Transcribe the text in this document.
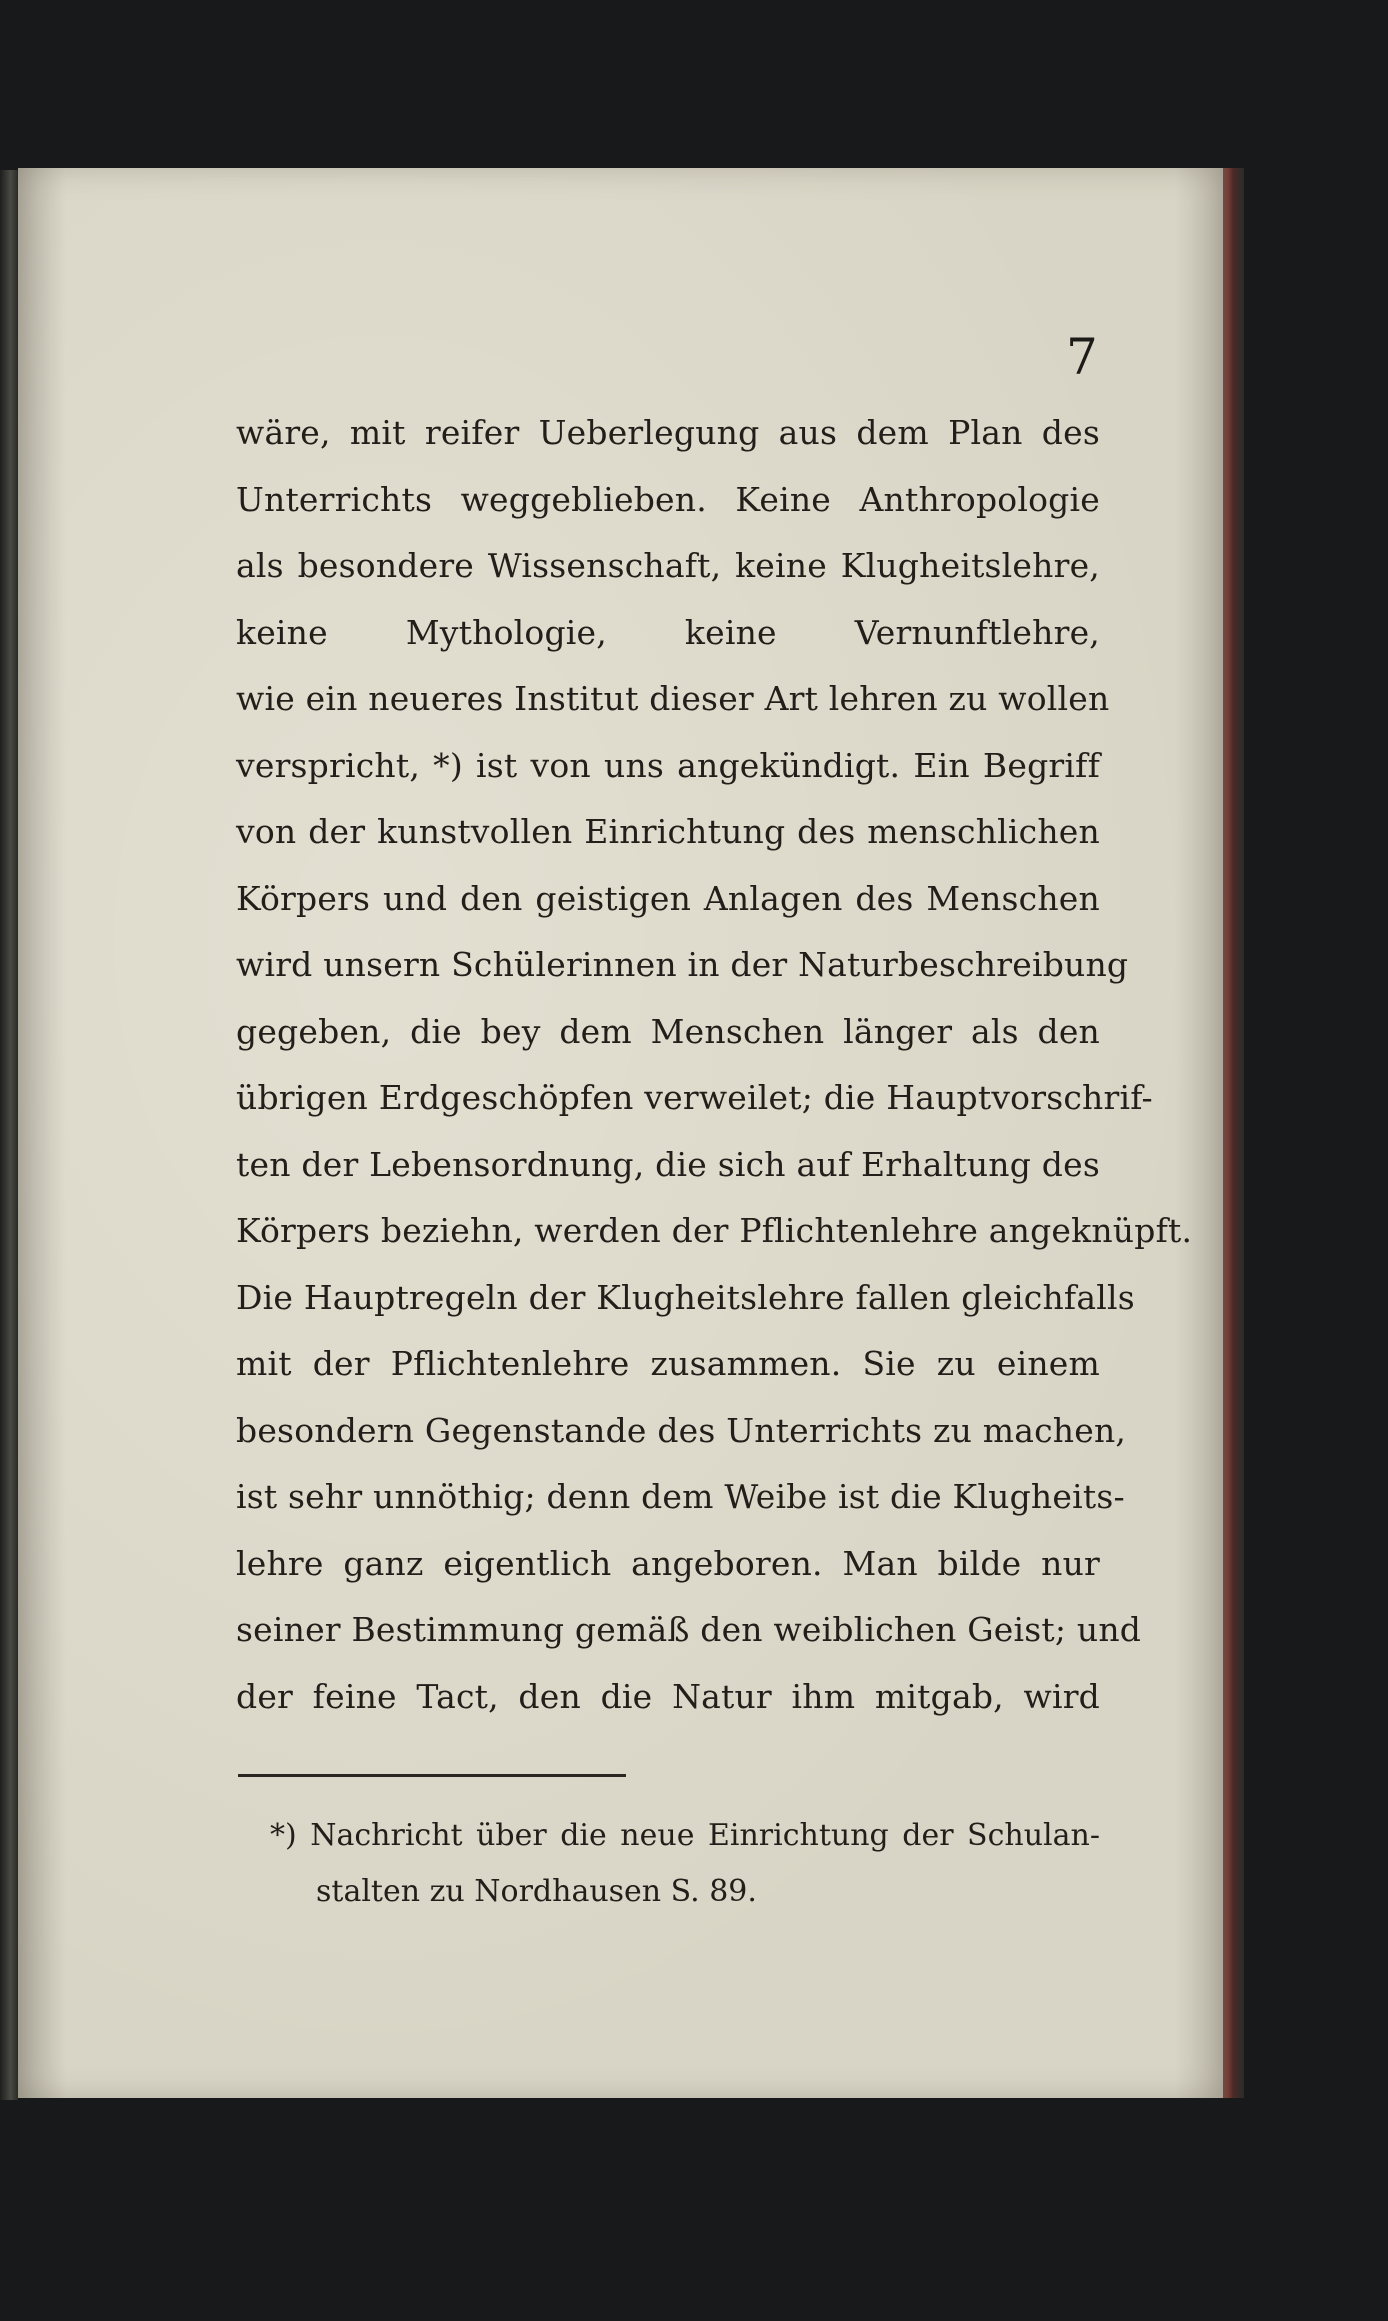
7
wäre, mit reifer Ueberlegung aus dem Plan des
Unterrichts weggeblieben. Keine Anthropologie
als besondere Wissenschaft, keine Klugheitslehre,
keine Mythologie, keine Vernunftlehre,
wie ein neueres Institut dieser Art lehren zu wollen
verspricht, *) ist von uns angekündigt. Ein Begriff
von der kunstvollen Einrichtung des menschlichen
Körpers und den geistigen Anlagen des Menschen
wird unsern Schülerinnen in der Naturbeschreibung
gegeben, die bey dem Menschen länger als den
übrigen Erdgeschöpfen verweilet; die Hauptvorschrif-
ten der Lebensordnung, die sich auf Erhaltung des
Körpers beziehn, werden der Pflichtenlehre angeknüpft.
Die Hauptregeln der Klugheitslehre fallen gleichfalls
mit der Pflichtenlehre zusammen. Sie zu einem
besondern Gegenstande des Unterrichts zu machen,
ist sehr unnöthig; denn dem Weibe ist die Klugheits-
lehre ganz eigentlich angeboren. Man bilde nur
seiner Bestimmung gemäß den weiblichen Geist; und
der feine Tact, den die Natur ihm mitgab, wird
*) Nachricht über die neue Einrichtung der Schulan-
stalten zu Nordhausen S. 89.
